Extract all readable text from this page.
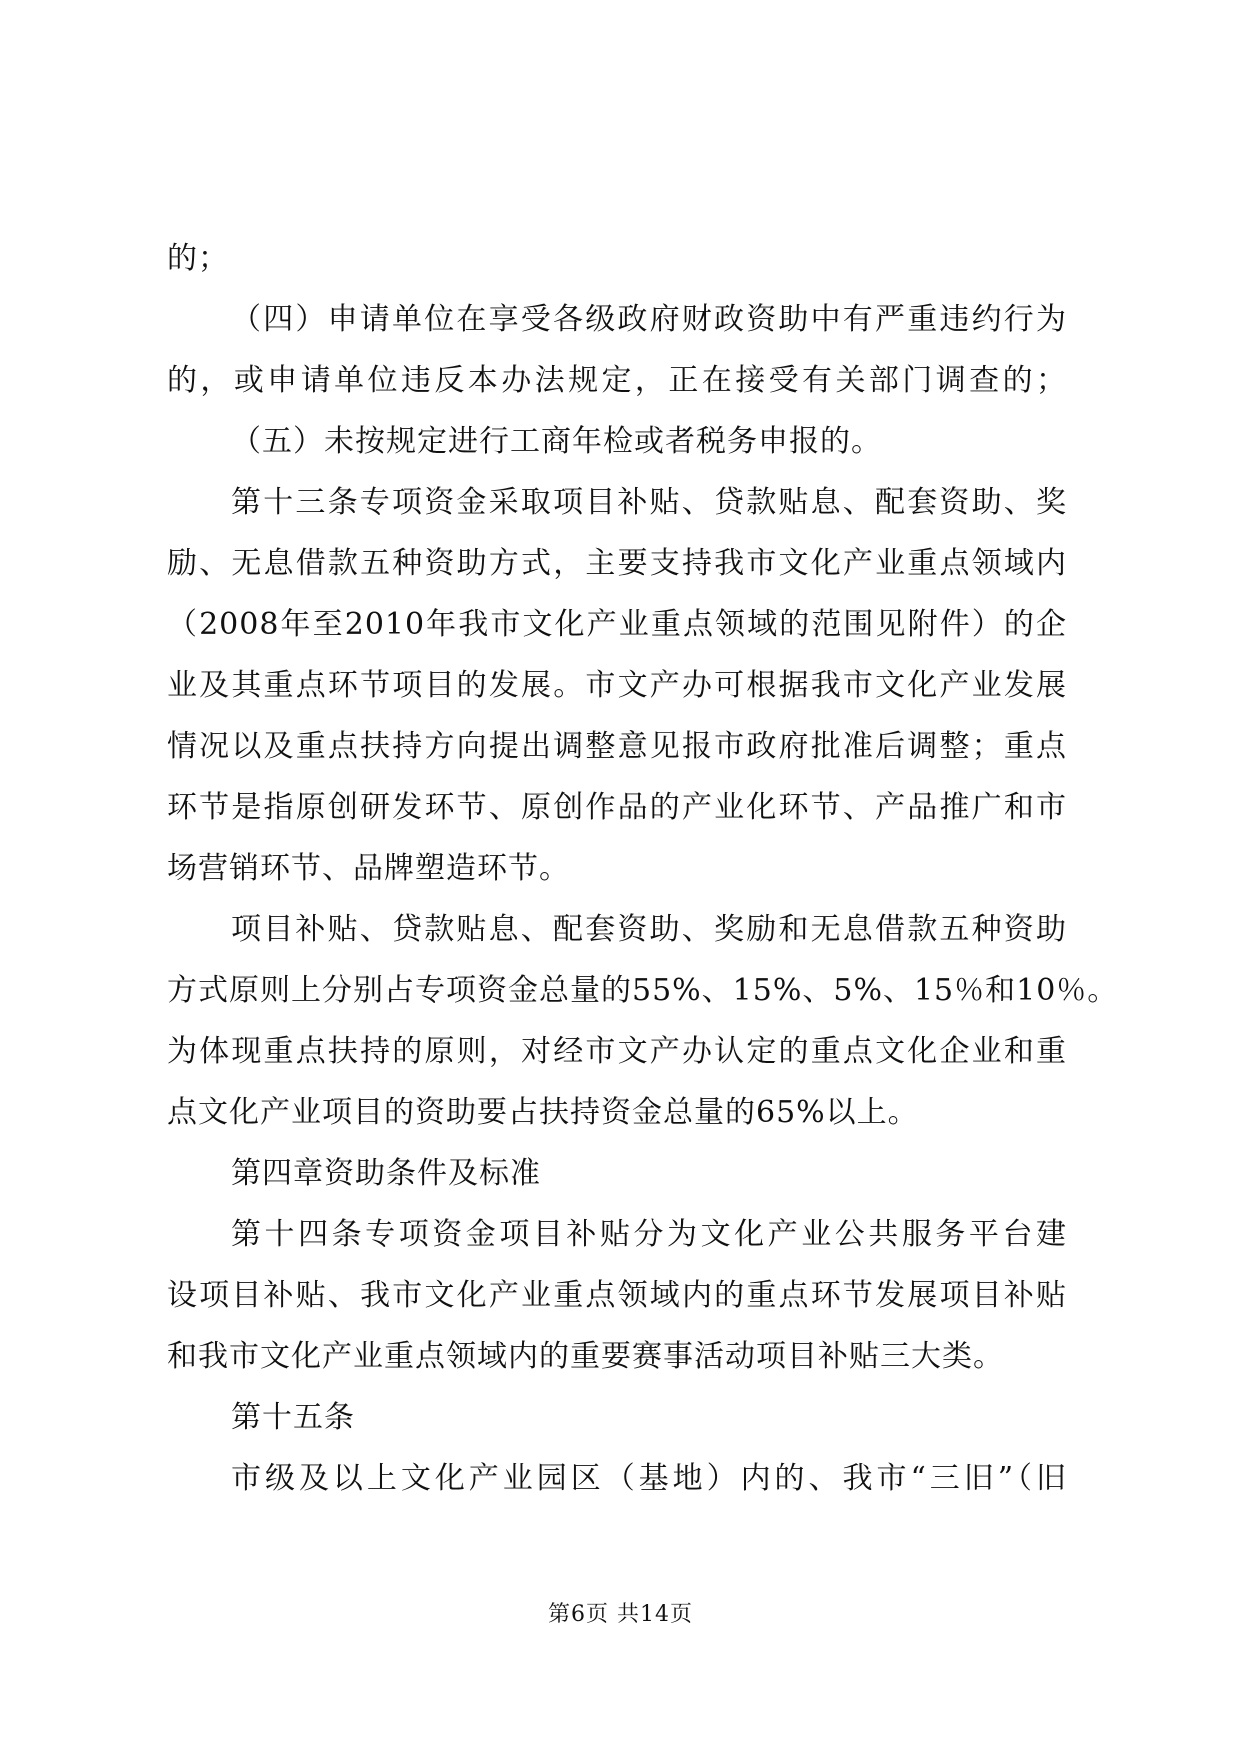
的；
（四）申请单位在享受各级政府财政资助中有严重违约行为
的，或申请单位违反本办法规定，正在接受有关部门调查的；
（五）未按规定进行工商年检或者税务申报的。
第十三条专项资金采取项目补贴、贷款贴息、配套资助、奖
励、无息借款五种资助方式，主要支持我市文化产业重点领域内
（2008年至2010年我市文化产业重点领域的范围见附件）的企
业及其重点环节项目的发展。市文产办可根据我市文化产业发展
情况以及重点扶持方向提出调整意见报市政府批准后调整；重点
环节是指原创研发环节、原创作品的产业化环节、产品推广和市
场营销环节、品牌塑造环节。
项目补贴、贷款贴息、配套资助、奖励和无息借款五种资助
方式原则上分别占专项资金总量的55%、15%、5%、15％和10％。
为体现重点扶持的原则，对经市文产办认定的重点文化企业和重
点文化产业项目的资助要占扶持资金总量的65%以上。
第四章资助条件及标准
第十四条专项资金项目补贴分为文化产业公共服务平台建
设项目补贴、我市文化产业重点领域内的重点环节发展项目补贴
和我市文化产业重点领域内的重要赛事活动项目补贴三大类。
第十五条
市级及以上文化产业园区（基地）内的、我市“三旧”（旧
第6页 共14页
